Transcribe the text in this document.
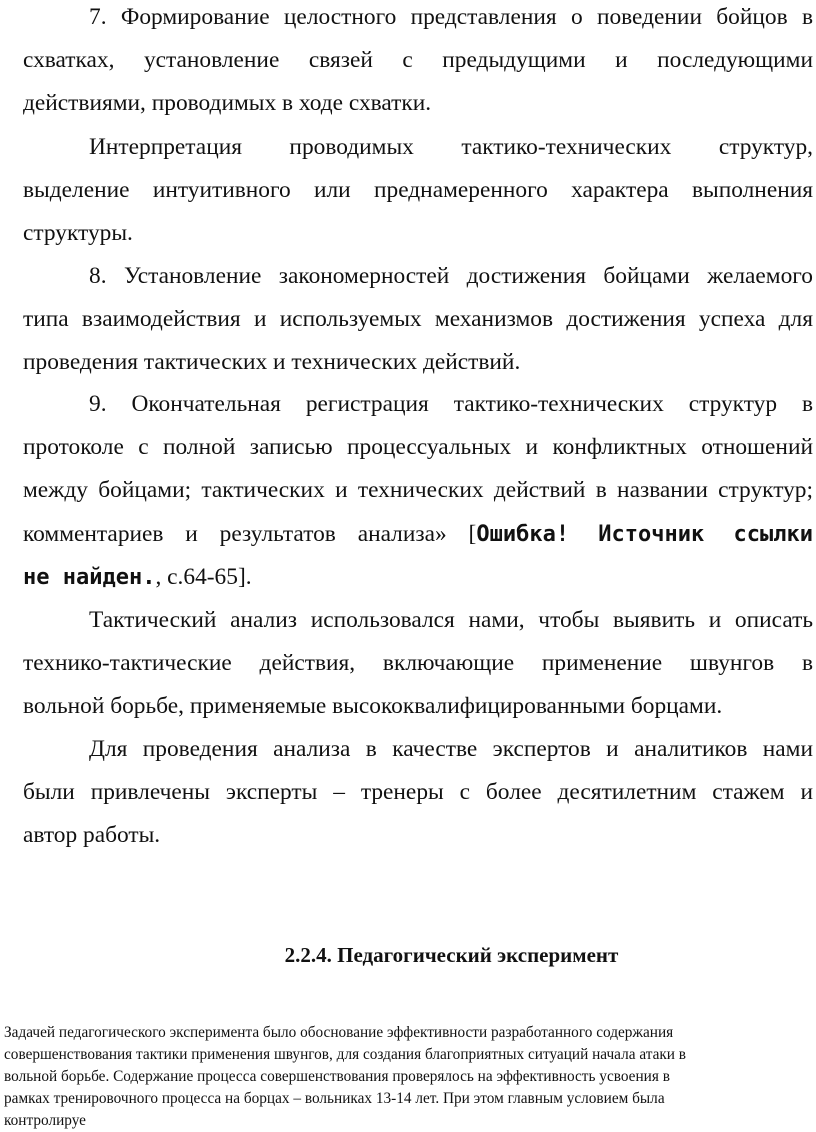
7. Формирование целостного представления о поведении бойцов в
схватках, установление связей с предыдущими и последующими
действиями, проводимых в ходе схватки.
Интерпретация проводимых тактико-технических структур,
выделение интуитивного или преднамеренного характера выполнения
структуры.
8. Установление закономерностей достижения бойцами желаемого
типа взаимодействия и используемых механизмов достижения успеха для
проведения тактических и технических действий.
9. Окончательная регистрация тактико-технических структур в
протоколе с полной записью процессуальных и конфликтных отношений
между бойцами; тактических и технических действий в названии структур;
комментариев и результатов анализа» [Ошибка! Источник ссылки
не найден., с.64-65].
Тактический анализ использовался нами, чтобы выявить и описать
технико-тактические действия, включающие применение швунгов в
вольной борьбе, применяемые высококвалифицированными борцами.
Для проведения анализа в качестве экспертов и аналитиков нами
были привлечены эксперты – тренеры с более десятилетним стажем и
автор работы.
2.2.4. Педагогический эксперимент
Задачей педагогического эксперимента было обоснование эффективности разработанного содержания
совершенствования тактики применения швунгов, для создания благоприятных ситуаций начала атаки в
вольной борьбе. Содержание процесса совершенствования проверялось на эффективность усвоения в
рамках тренировочного процесса на борцах – вольниках 13-14 лет. При этом главным условием была
контролируе
